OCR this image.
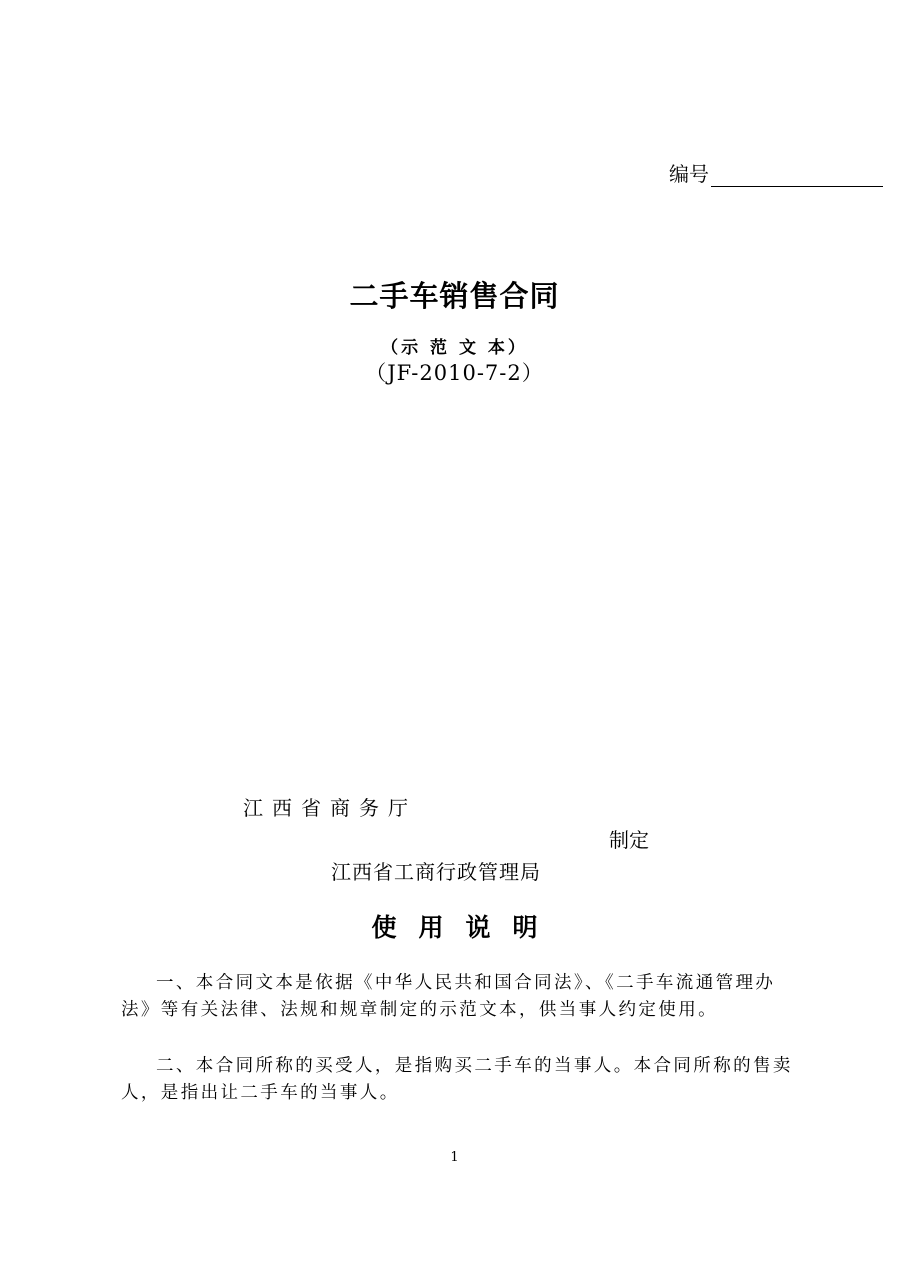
编号
二手车销售合同
（示 范 文 本）
（JF-2010-7-2）
江西省商务厅
制定
江西省工商行政管理局
使用说明

一、本合同文本是依据《中华人民共和国合同法》、《二手车流通管理办法》等有关法律、法规和规章制定的示范文本，供当事人约定使用。

二、本合同所称的买受人，是指购买二手车的当事人。本合同所称的售卖人，是指出让二手车的当事人。

1
